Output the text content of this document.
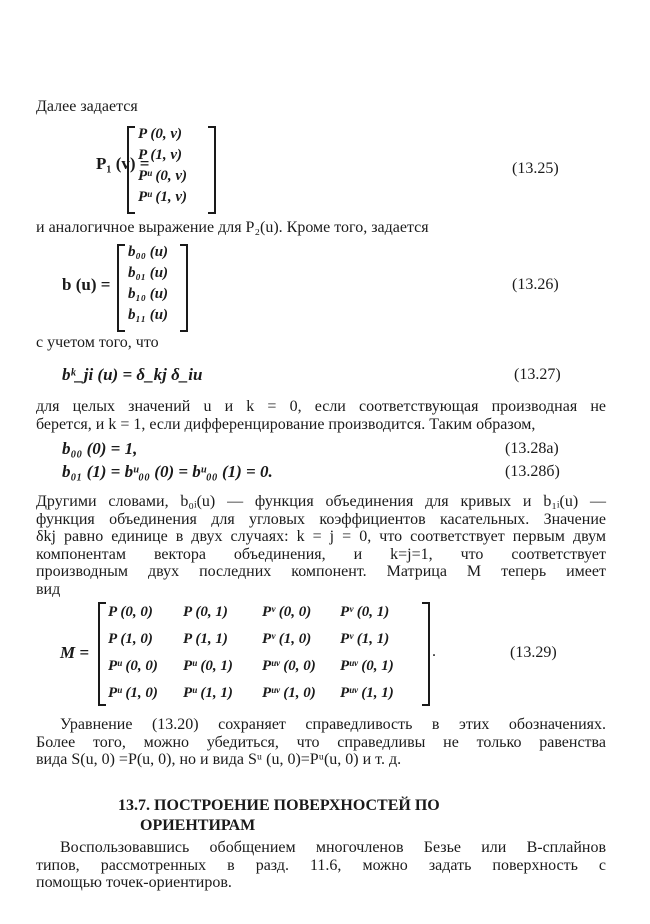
Далее задается
P₁ (v) =
P (0, v)
P (1, v)
Pᵘ (0, v)
Pᵘ (1, v)
(13.25)
и аналогичное выражение для P₂(u). Кроме того, задается
b (u) =
b₀₀ (u)
b₀₁ (u)
b₁₀ (u)
b₁₁ (u)
(13.26)
с учетом того, что
bᵏ_ji (u) = δ_kj δ_iu	(13.27)
для целых значений u и k = 0, если соответствующая производная не
берется, и k = 1, если дифференцирование производится. Таким образом,
b₀₀ (0) = 1,	(13.28а)
b₀₁ (1) = bᵘ₀₀ (0) = bᵘ₀₀ (1) = 0.	(13.28б)
Другими словами, b₀ᵢ(u) — функция объединения для кривых и b₁ᵢ(u) —
функция объединения для угловых коэффициентов касательных. Значение
δkj равно единице в двух случаях: k = j = 0, что соответствует первым двум
компонентам вектора объединения, и k=j=1, что соответствует
производным двух последних компонент. Матрица M теперь имеет
вид
M =	.	(13.29)
P (0, 0) P (0, 1) Pᵛ (0, 0) Pᵛ (0, 1)
P (1, 0) P (1, 1) Pᵛ (1, 0) Pᵛ (1, 1)
Pᵘ (0, 0) Pᵘ (0, 1) Pᵘᵛ (0, 0) Pᵘᵛ (0, 1)
Pᵘ (1, 0) Pᵘ (1, 1) Pᵘᵛ (1, 0) Pᵘᵛ (1, 1)
Уравнение (13.20) сохраняет справедливость в этих обозначениях.
Более того, можно убедиться, что справедливы не только равенства
вида S(u, 0) =P(u, 0), но и вида Sᵘ (u, 0)=Pᵘ(u, 0) и т. д.
13.7. ПОСТРОЕНИЕ ПОВЕРХНОСТЕЙ ПО
ОРИЕНТИРАМ
Воспользовавшись обобщением многочленов Безье или B-сплайнов
типов, рассмотренных в разд. 11.6, можно задать поверхность с
помощью точек-ориентиров.
